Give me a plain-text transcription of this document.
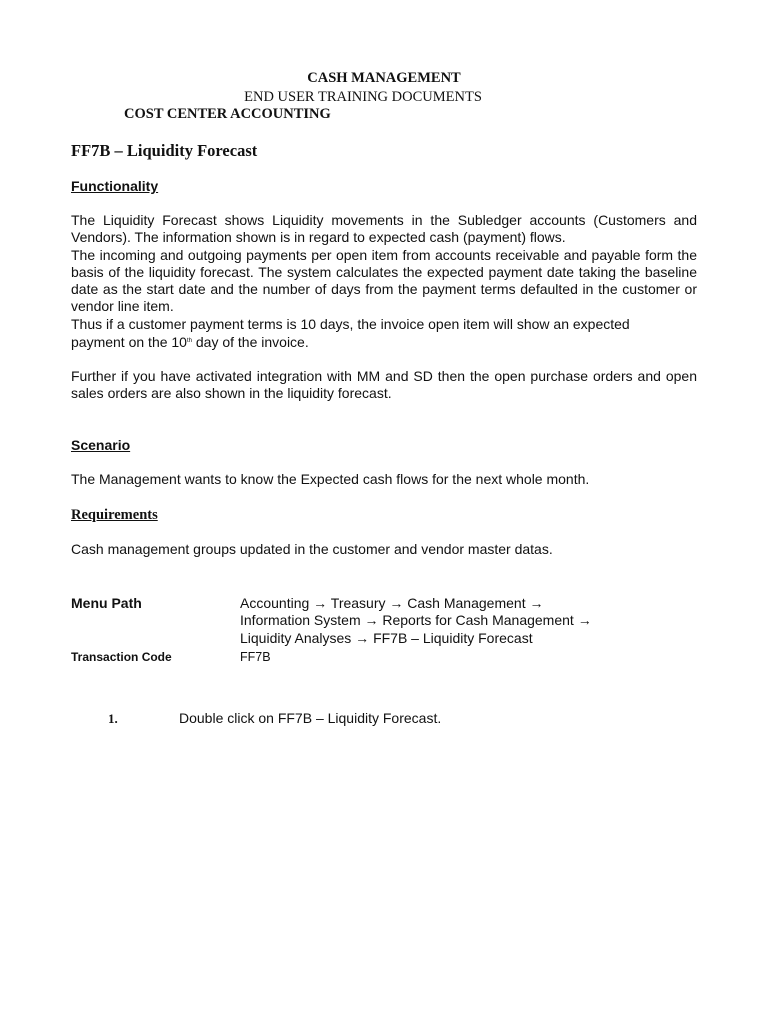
CASH MANAGEMENT
END USER TRAINING DOCUMENTS
COST CENTER ACCOUNTING
FF7B – Liquidity Forecast
Functionality

The Liquidity Forecast shows Liquidity movements in the Subledger accounts (Customers and Vendors). The information shown is in regard to expected cash (payment) flows.

The incoming and outgoing payments per open item from accounts receivable and payable form the basis of the liquidity forecast. The system calculates the expected payment date taking the baseline date as the start date and the number of days from the payment terms defaulted in the customer or vendor line item.

Thus if a customer payment terms is 10 days, the invoice open item will show an expected
payment on the 10th day of the invoice.

Further if you have activated integration with MM and SD then the open purchase orders and open sales orders are also shown in the liquidity forecast.
Scenario
The Management wants to know the Expected cash flows for the next whole month.
Requirements
Cash management groups updated in the customer and vendor master datas.
Menu Path	Accounting → Treasury → Cash Management →
Information System → Reports for Cash Management →
Liquidity Analyses → FF7B – Liquidity Forecast
Transaction Code	FF7B
1.	Double click on FF7B – Liquidity Forecast.
